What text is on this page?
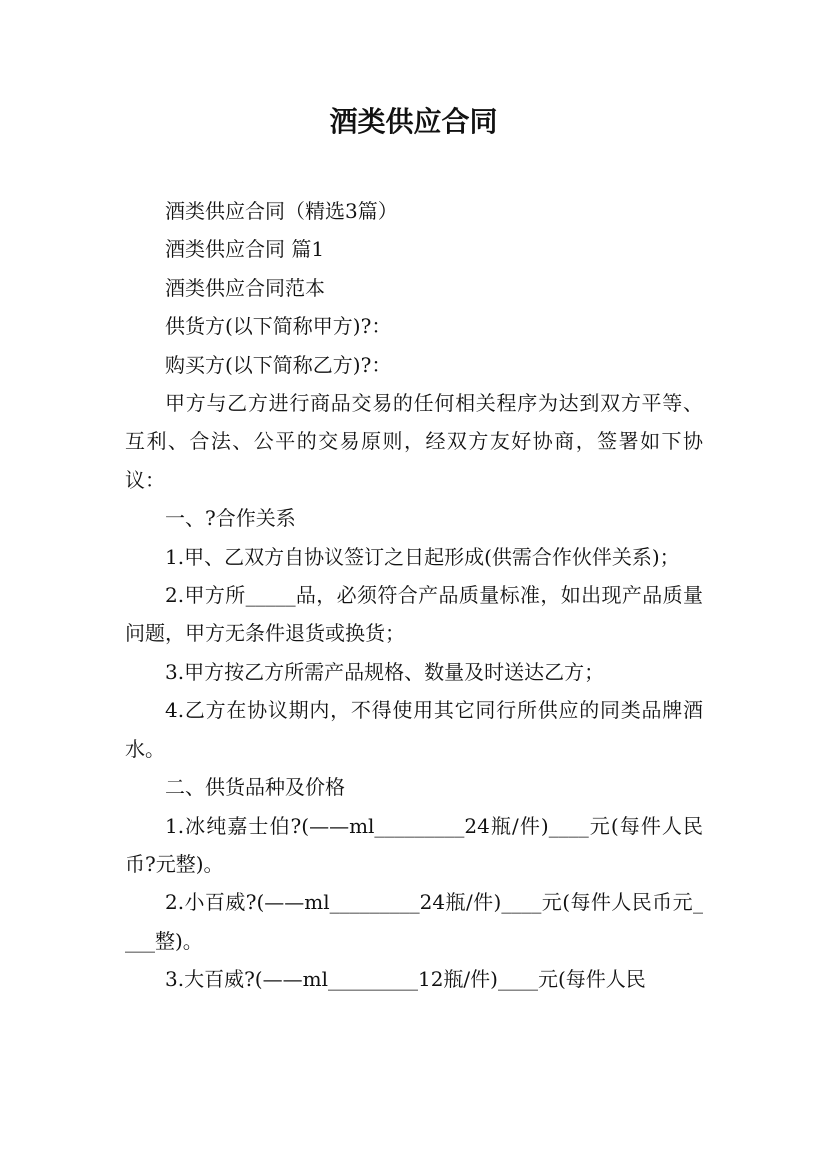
酒类供应合同

酒类供应合同（精选3篇）

酒类供应合同 篇1

酒类供应合同范本

供货方(以下简称甲方)?：

购买方(以下简称乙方)?：

甲方与乙方进行商品交易的任何相关程序为达到双方平等、互利、合法、公平的交易原则，经双方友好协商，签署如下协议：

一、?合作关系

1.甲、乙双方自协议签订之日起形成(供需合作伙伴关系)；

2.甲方所_____品，必须符合产品质量标准，如出现产品质量问题，甲方无条件退货或换货；

3.甲方按乙方所需产品规格、数量及时送达乙方；

4.乙方在协议期内，不得使用其它同行所供应的同类品牌酒水。

二、供货品种及价格

1.冰纯嘉士伯?(——ml_________24瓶/件)____元(每件人民币?元整)。

2.小百威?(——ml_________24瓶/件)____元(每件人民币元____整)。

3.大百威?(——ml_________12瓶/件)____元(每件人民
